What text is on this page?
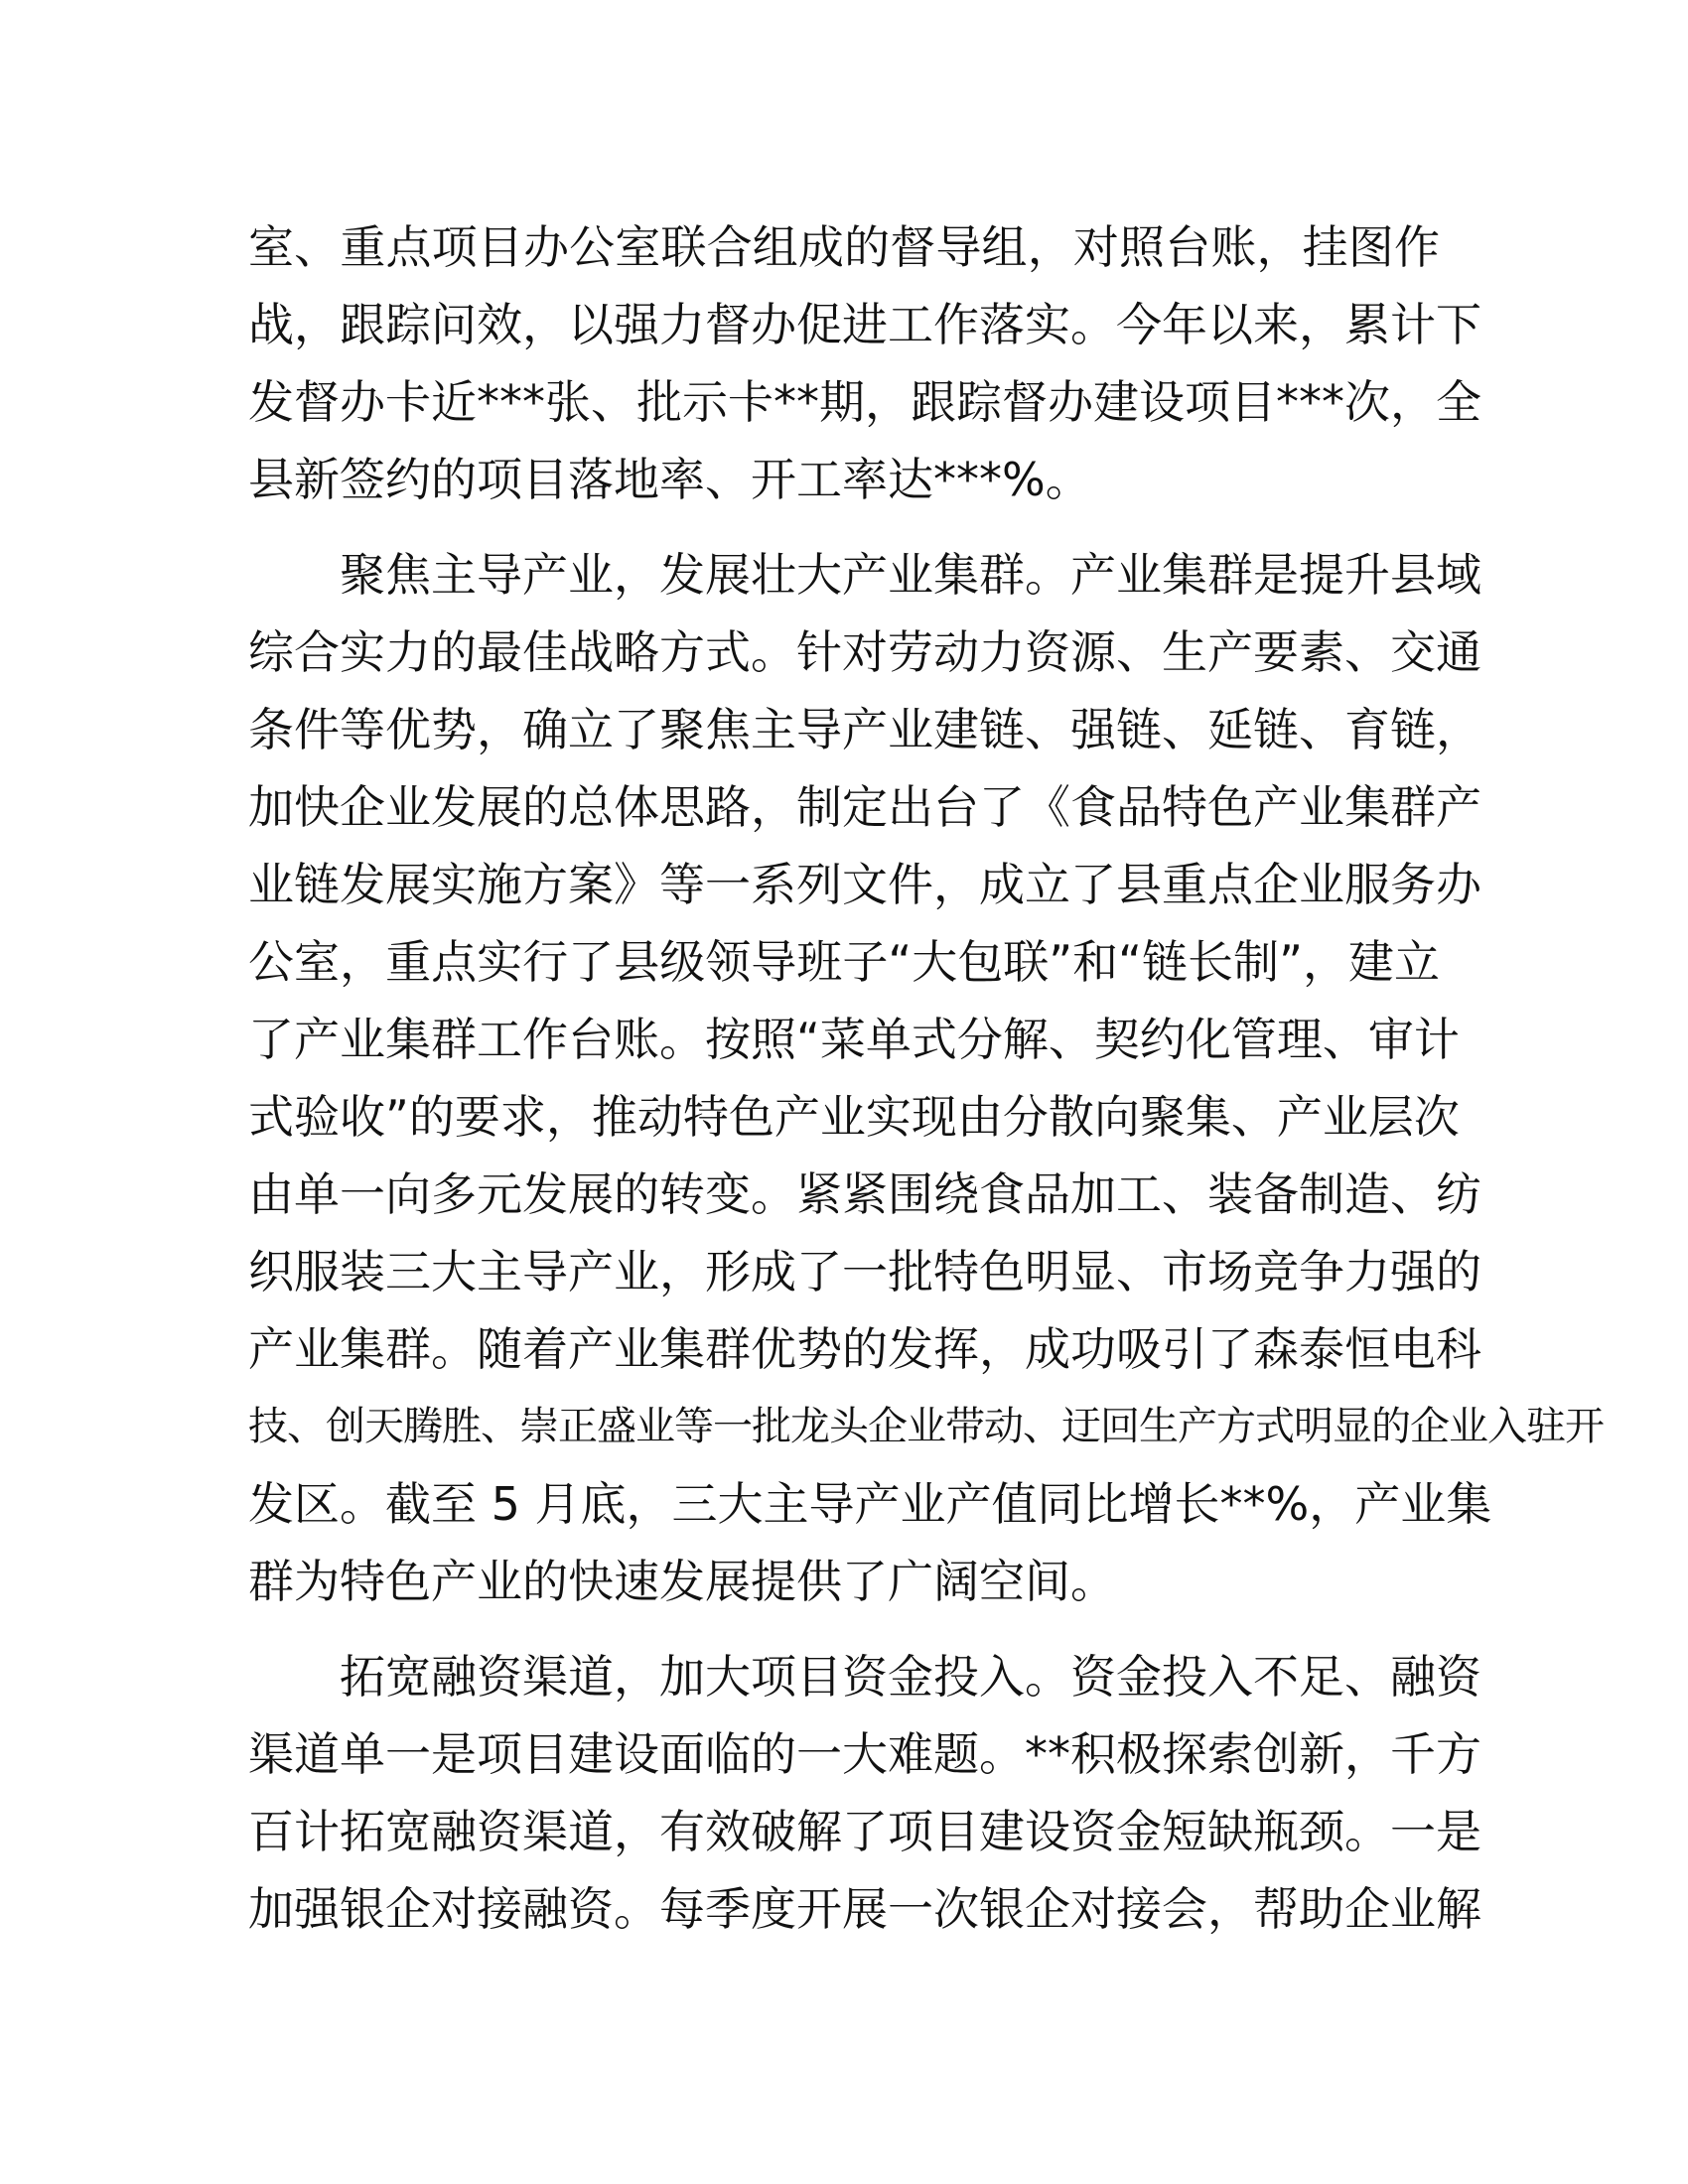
室、重点项目办公室联合组成的督导组，对照台账，挂图作
战，跟踪问效，以强力督办促进工作落实。今年以来，累计下
发督办卡近***张、批示卡**期，跟踪督办建设项目***次，全
县新签约的项目落地率、开工率达***%。
聚焦主导产业，发展壮大产业集群。产业集群是提升县域
综合实力的最佳战略方式。针对劳动力资源、生产要素、交通
条件等优势，确立了聚焦主导产业建链、强链、延链、育链，
加快企业发展的总体思路，制定出台了《食品特色产业集群产
业链发展实施方案》等一系列文件，成立了县重点企业服务办
公室，重点实行了县级领导班子“大包联”和“链长制”，建立
了产业集群工作台账。按照“菜单式分解、契约化管理、审计
式验收”的要求，推动特色产业实现由分散向聚集、产业层次
由单一向多元发展的转变。紧紧围绕食品加工、装备制造、纺
织服装三大主导产业，形成了一批特色明显、市场竞争力强的
产业集群。随着产业集群优势的发挥，成功吸引了森泰恒电科
技、创天腾胜、崇正盛业等一批龙头企业带动、迂回生产方式明显的企业入驻开
发区。截至 5 月底，三大主导产业产值同比增长**%，产业集
群为特色产业的快速发展提供了广阔空间。
拓宽融资渠道，加大项目资金投入。资金投入不足、融资
渠道单一是项目建设面临的一大难题。**积极探索创新，千方
百计拓宽融资渠道，有效破解了项目建设资金短缺瓶颈。一是
加强银企对接融资。每季度开展一次银企对接会，帮助企业解
